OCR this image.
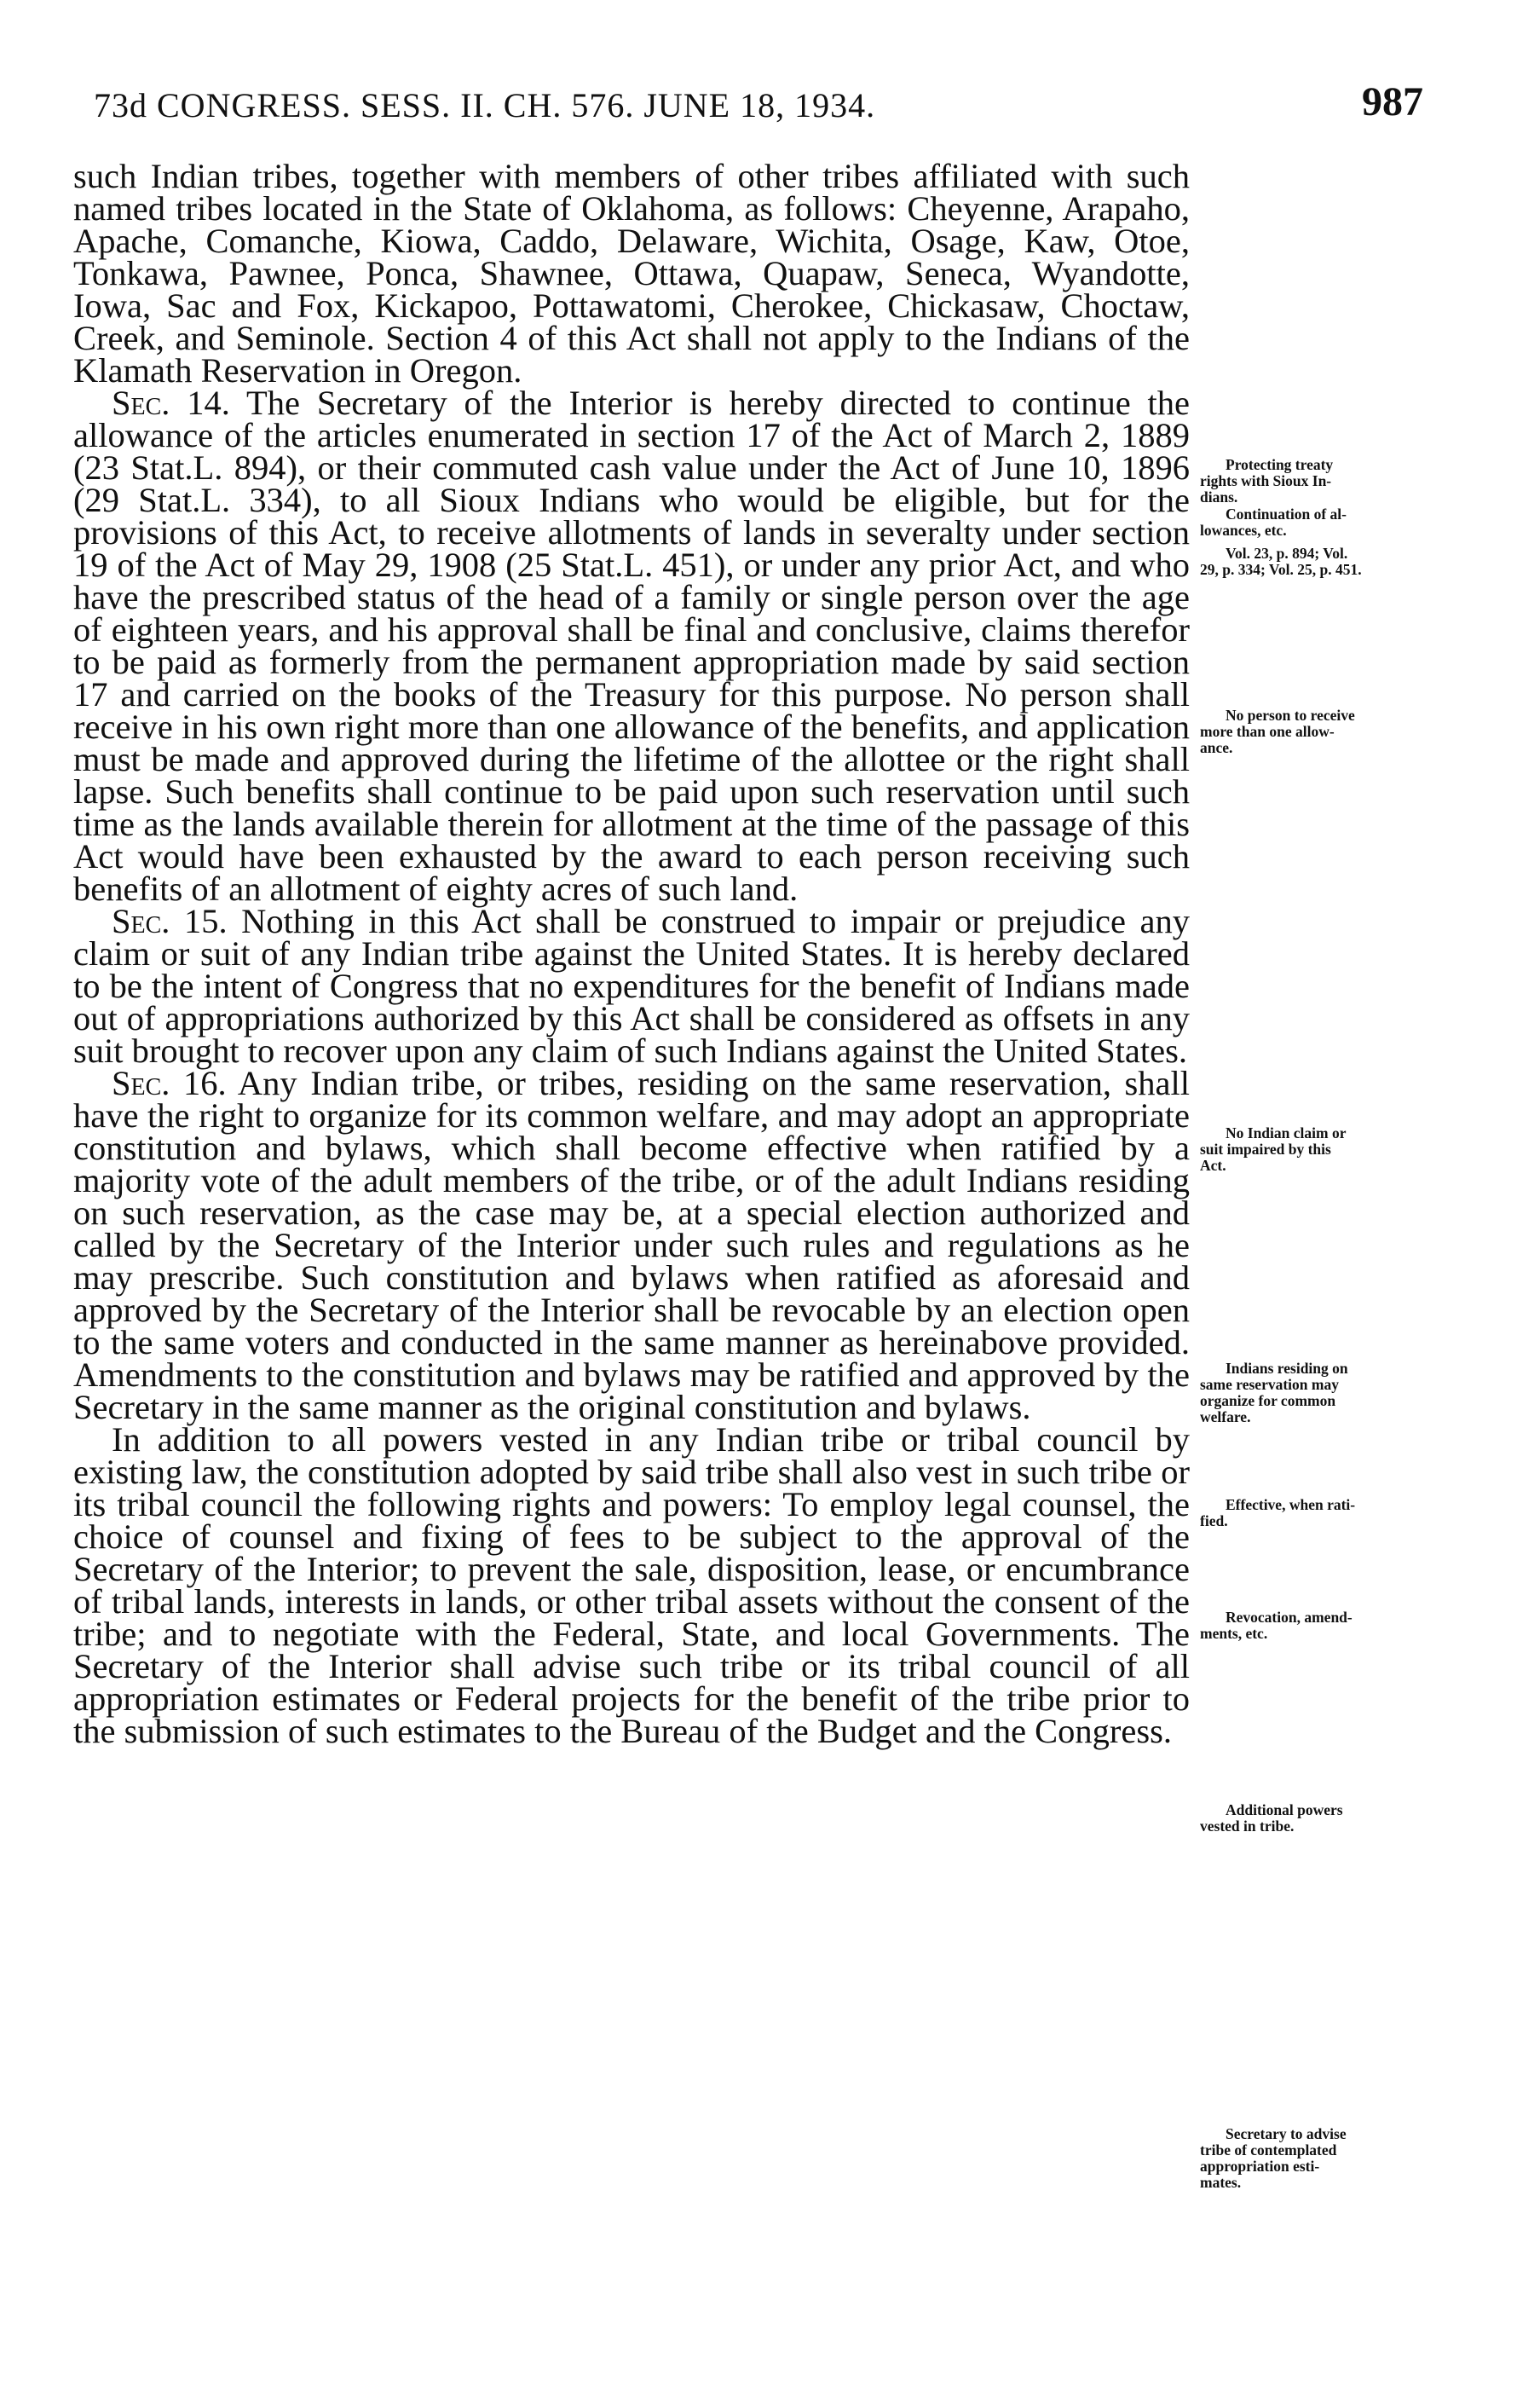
73d CONGRESS. SESS. II. CH. 576. JUNE 18, 1934.	987

such Indian tribes, together with members of other tribes affiliated with such named tribes located in the State of Oklahoma, as follows: Cheyenne, Arapaho, Apache, Comanche, Kiowa, Caddo, Delaware, Wichita, Osage, Kaw, Otoe, Tonkawa, Pawnee, Ponca, Shawnee, Ottawa, Quapaw, Seneca, Wyandotte, Iowa, Sac and Fox, Kickapoo, Pottawatomi, Cherokee, Chickasaw, Choctaw, Creek, and Seminole. Section 4 of this Act shall not apply to the Indians of the Klamath Reservation in Oregon.

Sec. 14. The Secretary of the Interior is hereby directed to continue the allowance of the articles enumerated in section 17 of the Act of March 2, 1889 (23 Stat.L. 894), or their commuted cash value under the Act of June 10, 1896 (29 Stat.L. 334), to all Sioux Indians who would be eligible, but for the provisions of this Act, to receive allotments of lands in severalty under section 19 of the Act of May 29, 1908 (25 Stat.L. 451), or under any prior Act, and who have the prescribed status of the head of a family or single person over the age of eighteen years, and his approval shall be final and conclusive, claims therefor to be paid as formerly from the permanent appropriation made by said section 17 and carried on the books of the Treasury for this purpose. No person shall receive in his own right more than one allowance of the benefits, and application must be made and approved during the lifetime of the allottee or the right shall lapse. Such benefits shall continue to be paid upon such reservation until such time as the lands available therein for allotment at the time of the passage of this Act would have been exhausted by the award to each person receiving such benefits of an allotment of eighty acres of such land.

Sec. 15. Nothing in this Act shall be construed to impair or prejudice any claim or suit of any Indian tribe against the United States. It is hereby declared to be the intent of Congress that no expenditures for the benefit of Indians made out of appropriations authorized by this Act shall be considered as offsets in any suit brought to recover upon any claim of such Indians against the United States.

Sec. 16. Any Indian tribe, or tribes, residing on the same reservation, shall have the right to organize for its common welfare, and may adopt an appropriate constitution and bylaws, which shall become effective when ratified by a majority vote of the adult members of the tribe, or of the adult Indians residing on such reservation, as the case may be, at a special election authorized and called by the Secretary of the Interior under such rules and regulations as he may prescribe. Such constitution and bylaws when ratified as aforesaid and approved by the Secretary of the Interior shall be revocable by an election open to the same voters and conducted in the same manner as hereinabove provided. Amendments to the constitution and bylaws may be ratified and approved by the Secretary in the same manner as the original constitution and bylaws.

In addition to all powers vested in any Indian tribe or tribal council by existing law, the constitution adopted by said tribe shall also vest in such tribe or its tribal council the following rights and powers: To employ legal counsel, the choice of counsel and fixing of fees to be subject to the approval of the Secretary of the Interior; to prevent the sale, disposition, lease, or encumbrance of tribal lands, interests in lands, or other tribal assets without the consent of the tribe; and to negotiate with the Federal, State, and local Governments. The Secretary of the Interior shall advise such tribe or its tribal council of all appropriation estimates or Federal projects for the benefit of the tribe prior to the submission of such estimates to the Bureau of the Budget and the Congress.

Protecting treaty
rights with Sioux In-
dians.
Continuation of al-
lowances, etc.
Vol. 23, p. 894; Vol.
29, p. 334; Vol. 25, p. 451.
No person to receive
more than one allow-
ance.
No Indian claim or
suit impaired by this
Act.
Indians residing on
same reservation may
organize for common
welfare.
Effective, when rati-
fied.
Revocation, amend-
ments, etc.
Additional powers
vested in tribe.
Secretary to advise
tribe of contemplated
appropriation esti-
mates.
